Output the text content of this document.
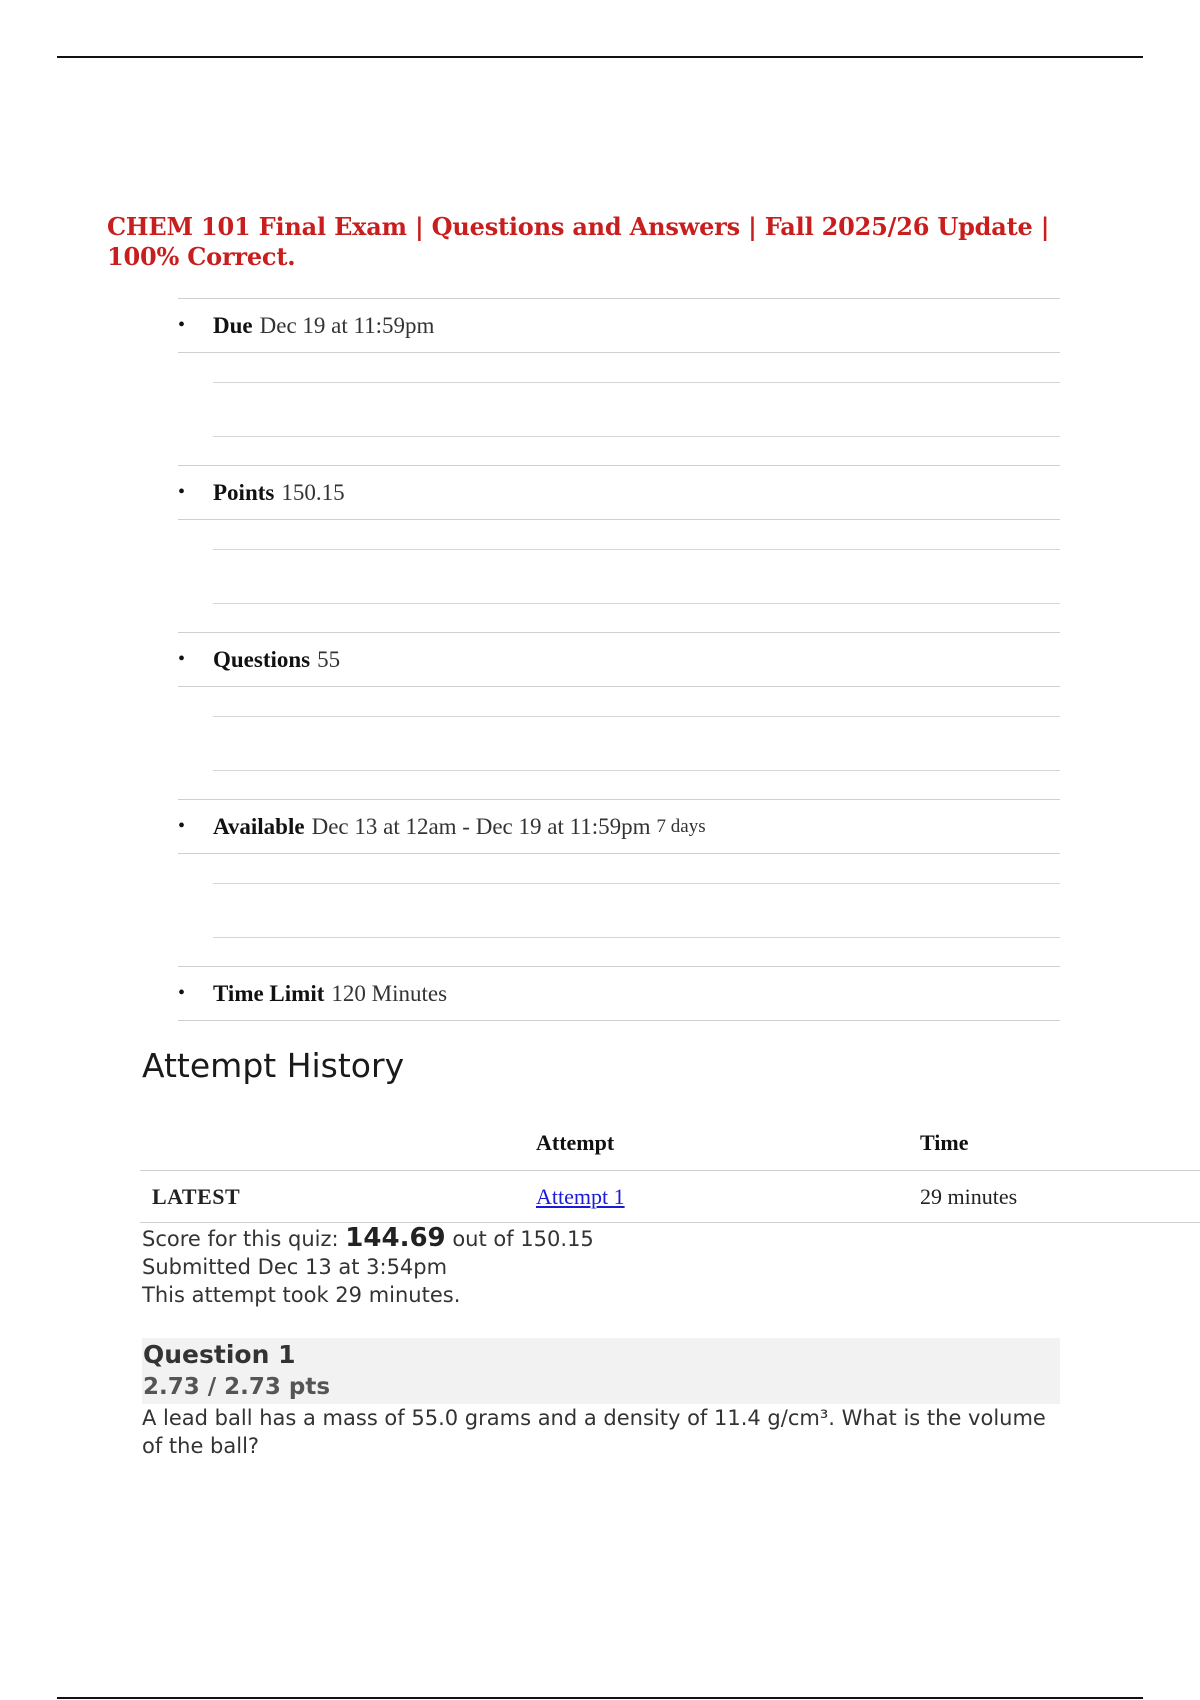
CHEM 101 Final Exam | Questions and Answers | Fall 2025/26 Update | 100% Correct.
•	Due Dec 19 at 11:59pm
•	Points 150.15
•	Questions 55
•	Available Dec 13 at 12am - Dec 19 at 11:59pm 7 days
•	Time Limit 120 Minutes
Attempt History
	Attempt	Time
LATEST	Attempt 1	29 minutes
Score for this quiz: 144.69 out of 150.15
Submitted Dec 13 at 3:54pm
This attempt took 29 minutes.
Question 1
2.73 / 2.73 pts

A lead ball has a mass of 55.0 grams and a density of 11.4 g/cm³. What is the volume of the ball?
